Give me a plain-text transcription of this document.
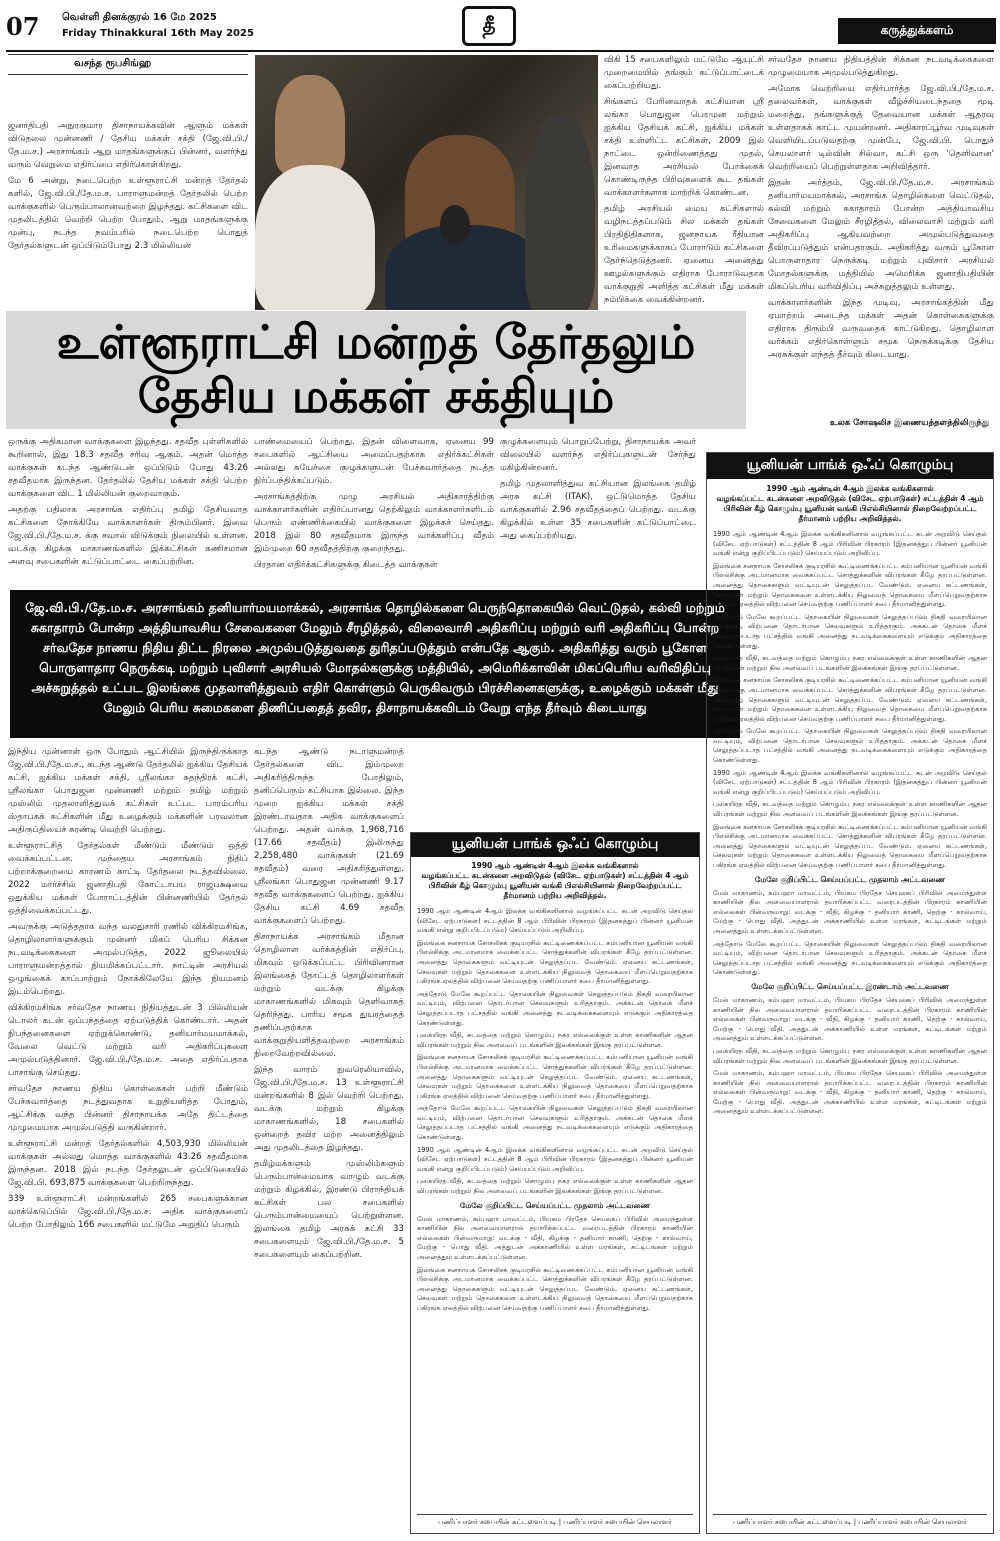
07 வெள்ளி தினக்குரல் 16 மே 2025
Friday Thinakkural 16th May 2025	தீ	கருத்துக்களம்
வசந்த ரூபசிங்ஹ

ஜனாதிபதி அநுரகுமார திசாநாயக்கவின் ஆளும் மக்கள் விடுதலை முன்னணி / தேசிய மக்கள் சக்தி (ஜே.வி.பி./தே.ம.ச.) அரசாங்கம் ஆறு மாதங்களுக்குப் பின்னர், வளர்ந்து வரும் வெறுமை எதிர்ப்பை எதிர்கொள்கிறது.

மே 6 அன்று, நடைபெற்ற உள்ளூராட்சி மன்றத் தேர்தல் களில், ஜே.வி.பி./தே.ம.ச. பாராளுமன்றத் தேர்தலில் பெற்ற வாக்குகளில் பெரும்பாலானவற்றை இழந்தது. கட்சிகளை விட முதலிடத்தில் வெற்றி பெற்ற போதும், ஆறு மாதங்களுக்கு முன்பு, நடந்த நவம்பரில் நடைபெற்ற பொதுத் தேர்தல்களுடன் ஒப்பிடும்போது 2.3 மில்லியன்

விகி 15 சபைகளிலும் மட்டுமே ஆயுட்சி முறைமையில் தங்கும் கட்டுப்பாட்டைக் கைப்பற்றியது.

சிங்களப் பேரினவாதக் கட்சியான ஸ்ரீ லங்கா பொதுஜன பெரமுன மற்றும் ஐக்கிய தேசியக் கட்சி, ஐக்கிய மக்கள் சக்தி உள்ளிட்ட கட்சிகள், 2009 இல் நாட்டை ஒன்றிணைத்தது முதல், இனவாத அரசியல் போக்கைக் கொண்டிருந்த பிரிவுகளைக் கூட தங்கள் வாக்காளர்களாக மாற்றிக் கொண்டன.

தமிழ் அரசியல் மைய கட்சிகளால் வழிநடத்தப்படும் சில மக்கள் தங்கள் பிரதிநிதிகளாக, ஜனநாயக ரீதியான உரிமைகளுக்காகப் போராடும் கட்சிகளை தேர்ந்தெடுத்தனர். ஏனைய அனைத்து ஊழல்களுக்கும் எதிராக போராடுவதாக வாக்குறுதி அளித்த கட்சிகள் மீது மக்கள் நம்பிக்கை வைக்கின்றனர்.

சர்வதேச நாணய நிதியத்தின் சிக்கன நடவடிக்கைகளை முழுமையாக அமுல்படுத்துகிறது.

அமோக வெற்றியை எதிர்பார்த்த ஜே.வி.பி./தே.ம.ச. தலைவர்கள், வாக்குகள் வீழ்ச்சியடைந்ததை மூடி மறைத்து, தங்களுக்குத் தேவையான மக்கள் ஆதரவு உள்ளதாகக் காட்ட முயன்றனர். அதிகாரப்பூர்வ முடிவுகள் வெளியிடப்படுவதற்கு முன்பே, ஜே.வி.பி. பொதுச் செயலாளர் டில்வின் சில்வா, கட்சி ஒரு 'தெளிவான' வெற்றியைப் பெற்றுள்ளதாக அறிவித்தார்.

இதன் அர்த்தம், ஜே.வி.பி./தே.ம.ச. அரசாங்கம் தனியார்மயமாக்கல், அரசாங்க தொழில்களை வெட்டுதல், கல்வி மற்றும் சுகாதாரம் போன்ற அத்தியாவசிய சேவைகளை மேலும் சீரழித்தல், விலைவாசி மற்றும் வரி அதிகரிப்பு ஆகியவற்றை அமுல்படுத்துவதை தீவிரப்படுத்தும் என்பதாகும். அதிகரித்து வரும் பூகோள பொருளாதார நெருக்கடி மற்றும் புவிசார் அரசியல் மோதல்களுக்கு மத்தியில் அமெரிக்க ஜனாதிபதியின் மிகப்பெரிய வரிவிதிப்பு அச்சுறுத்தலும் உள்ளது.

வாக்காளர்களின் இந்த முடிவு, அரசாங்கத்தின் மீது ஏமாற்றம் அடைந்த மக்கள் அதன் கொள்கைகளுக்கு எதிராக திரும்பி வருவதைக் காட்டுகிறது. தொழிலாள வர்க்கம் எதிர்கொள்ளும் சமூக நெருக்கடிக்கு தேசிய அரசுக்குள் எந்தத் தீர்வும் கிடையாது.

உலக சோஷலிச இணையத்தளத்திலிருந்து
உள்ளூராட்சி மன்றத் தேர்தலும்
தேசிய மக்கள் சக்தியும்

ஒருக்கு அதிகமான வாக்குகளை இழந்தது. சதவீத புள்ளிகளில் கூறினால், இது 18.3 சதவீத சரிவு ஆகும். அதன் மொத்த வாக்குகள் கடந்த ஆண்டுடன் ஒப்பிடும் போது 43.26 சதவீதமாக இருந்தன. தேர்தலில் தேசிய மக்கள் சக்தி பெற்ற வாக்குகளை விட 1 மில்லியன் குறைவாகும்.

அதற்கு பதிலாக அரசாங்க எதிர்ப்பு தமிழ் தேசியவாத கட்சிகளை நோக்கியே வாக்காளர்கள் திரும்பினர். இவை ஜே.வி.பி./தே.ம.ச. க்கு சவால் விடுக்கும் நிலையில் உள்ளன. வடக்கு கிழக்கு மாகாணங்களில் இக்கட்சிகள் கணிசமான அளவு சபைகளின் கட்டுப்பாட்டை கைப்பற்றின.

பாண்மையைப் பெற்றது. இதன் விளைவாக, ஏனைய 99 சபைகளில் ஆட்சியை அமைப்பதற்காக எதிர்க்கட்சிகள் அல்லது சுயேச்சை குழுக்களுடன் பேச்சுவார்த்தை நடத்த நிர்ப்பந்திக்கப்படும்.

அரசாங்கத்திற்கு முழு அரசியல் அதிகாரத்திற்கு வாக்காளர்களின் எதிர்ப்பானது தெற்கிலும் வாக்காளர்களிடம் பெரும் எண்ணிக்கையில் வாக்குகளை இழக்கச் செய்தது. 2018 இல் 80 சதவீதமாக இருந்த வாக்களிப்பு வீதம் இம்முறை 60 சதவீதத்திற்கு குறைந்தது.

பிரதான எதிர்க்கட்சிகளுக்கு கிடைத்த வாக்குகள்

குழுக்களையும் பொறுப்பேற்று, திசாநாயக்க அவர் விலையில் வளர்ந்த எதிர்ப்புகளுடன் சேர்ந்து மகிழ்கின்றனர்.

தமிழ் முதலாளித்துவ கட்சியான இலங்கை தமிழ் அரசு கட்சி (ITAK), ஒட்டுமொத்த தேசிய வாக்குகளில் 2.96 சதவீதத்தைப் பெற்றது. வடக்கு கிழக்கில் உள்ள 35 சபைகளின் கட்டுப்பாட்டை அது கைப்பற்றியது.

ஜே.வி.பி./தே.ம.ச. அரசாங்கம் தனியார்மயமாக்கல், அரசாங்க தொழில்களை பெருந்தொகையில் வெட்டுதல், கல்வி மற்றும் சுகாதாரம் போன்ற அத்தியாவசிய சேவைகளை மேலும் சீரழித்தல், விலைவாசி அதிகரிப்பு மற்றும் வரி அதிகரிப்பு போன்ற சர்வதேச நாணய நிதிய திட்ட நிரலை அமுல்படுத்துவதை துரிதப்படுத்தும் என்பதே ஆகும். அதிகரித்து வரும் பூகோள பொருளாதார நெருக்கடி மற்றும் புவிசார் அரசியல் மோதல்களுக்கு மத்தியில், அமெரிக்காவின் மிகப்பெரிய வரிவிதிப்பு அச்சுறுத்தல் உட்பட இலங்கை முதலாளித்துவம் எதிர் கொள்ளும் பெருகிவரும் பிரச்சினைகளுக்கு, உழைக்கும் மக்கள் மீது மேலும் பெரிய சுமைகளை திணிப்பதைத் தவிர, திசாநாயக்கவிடம் வேறு எந்த தீர்வும் கிடையாது

இந்திய முன்னாள் ஒரு போதும் ஆட்சியில் இருந்திருக்காத ஜே.வி.பி./தே.ம.ச., கடந்த ஆண்டு தேர்தலில் ஐக்கிய தேசியக் கட்சி, ஐக்கிய மக்கள் சக்தி, ஸ்ரீலங்கா சுதந்திரக் கட்சி, ஸ்ரீலங்கா பொதுஜன முன்னணி மற்றும் தமிழ் மற்றும் முஸ்லிம் முதலாளித்துவக் கட்சிகள் உட்பட பாரம்பரிய ஸ்தாபகக் கட்சிகளின் மீது உழைக்கும் மக்களின் பரவலான அதிருப்தியைச் சுரண்டி வெற்றி பெற்றது.

உள்ளூராட்சித் தேர்தல்கள் மீண்டும் மீண்டும் ஒத்தி வைக்கப்பட்டன. முந்தைய அரசாங்கம் நிதிப் பற்றாக்குறையை காரணம் காட்டி தேர்தலை நடத்தவில்லை. 2022 மார்ச்சில் ஜனாதிபதி கோட்டாபய ராஜபக்ஷவை ஒதுக்கிய மக்கள் போராட்டத்தின் பின்னணியில் தேர்தல் ஒத்திவைக்கப்பட்டது.

அவருக்கு அடுத்ததாக வந்த வலதுசாரி ரணில் விக்கிரமசிங்க, தொழிலாளர்களுக்கும் முன்னர் மிகப் பெரிய சிக்கன நடவடிக்கைகளை அமுல்படுத்த, 2022 ஜூலையில் பாராளுமன்றத்தால் நியமிக்கப்பட்டார். நாட்டின் அரசியல் ஒழுங்கைக் காப்பாற்றும் நோக்கிலேயே இந்த நியமனம் இடம்பெற்றது.

விக்கிரமசிங்க சர்வதேச நாணய நிதியத்துடன் 3 பில்லியன் டொலர் கடன் ஒப்பந்தத்தை ஏற்படுத்திக் கொண்டார். அதன் நிபந்தனைகளை ஏற்றுக்கொண்டு, தனியார்மயமாக்கல், வேலை வெட்டு மற்றும் வரி அதிகரிப்புகளை அமுல்படுத்தினார். ஜே.வி.பி./தே.ம.ச. அதை எதிர்ப்பதாக பாசாங்கு செய்தது.

சர்வதேச நாணய நிதிய கொள்கைகள் பற்றி மீண்டும் பேச்சுவார்த்தை நடத்துவதாக உறுதியளித்த போதும், ஆட்சிக்கு வந்த பின்னர் திசாநாயக்க அதே திட்டத்தை முழுமையாக அமுல்படுத்தி வருகின்றார்.

உள்ளூராட்சி மன்றத் தேர்தல்களில் 4,503,930 மில்லியன் வாக்குகள் அல்லது மொத்த வாக்குகளில் 43.26 சதவீதமாக இருந்தன. 2018 இல் நடந்த தேர்தலுடன் ஒப்பிடுகையில் ஜே.வி.பி. 693,875 வாக்குகளை பெற்றிருந்தது.

339 உள்ளூராட்சி மன்றங்களில் 265 சபைகளுக்கான வாக்கெடுப்பில் ஜே.வி.பி./தே.ம.ச. அதிக வாக்குகளைப் பெற்ற போதிலும் 166 சபைகளில் மட்டுமே அறுதிப் பெரும்

கடந்த ஆண்டு நடாளுமன்றத் தேர்தல்களை விட இம்முறை அதிகரித்திருந்த போதிலும், தனிப்பெரும் கட்சியாக இல்லை. இந்த முறை ஐக்கிய மக்கள் சக்தி இரண்டாவதாக அதிக வாக்குகளைப் பெற்றது. அதன் வாக்கு 1,968,716 (17.66 சதவீதம்) இலிருந்து 2,258,480 வாக்குகள் (21.69 சதவீதம்) வரை அதிகரித்துள்ளது. ஸ்ரீலங்கா பொதுஜன முன்னணி 9.17 சதவீத வாக்குகளைப் பெற்றது. ஐக்கிய தேசிய கட்சி 4.69 சதவீத வாக்குகளைப் பெற்றது.

திசாநாயக்க அரசாங்கம் மீதான தொழிலாள வர்க்கத்தின் எதிர்ப்பு, மிகவும் ஒடுக்கப்பட்ட பிரிவினரான இலங்கைத் தோட்டத் தொழிலாளர்கள் மற்றும் வடக்கு கிழக்கு மாகாணங்களில் மிகவும் தெளிவாகத் தெரிந்தது. பாரிய சமூக துயரத்தைத் தணிப்பதற்காக வாக்குறுதியளித்தவற்றை அரசாங்கம் நிறைவேற்றவில்லை.

இந்த வாரம் நுவரெலியாவில், ஜே.வி.பி./தே.ம.ச. 13 உள்ளூராட்சி மன்றங்களில் 8 இல் வெற்றி பெற்றது. வடக்கு மற்றும் கிழக்கு மாகாணங்களில், 18 சபைகளில் ஒன்றைத் தவிர மற்ற அனைத்திலும் அது முதலிடத்தை இழந்தது.

தமிழ்மக்களும் முஸ்லிம்களும் பெரும்பான்மையாக வாழும் வடக்கு மற்றும் கிழக்கில், இரண்டு பிராந்தியக் கட்சிகள் பல சபைகளில் பெரும்பான்மையைப் பெற்றுள்ளன. இலங்கை தமிழ் அரசுக் கட்சி 33 சபைகளையும் ஜே.வி.பி./தே.ம.ச. 5 சபைகளையும் கைப்பற்றின.

யூனியன் பாங்க் ஒஃப் கொழும்பு
1990 ஆம் ஆண்டின் 4ஆம் இலக்க வங்கிகளால்
வழங்கப்பட்ட கடன்களை அறவிடுதல் (விசேட ஏற்பாடுகள்) சட்டத்தின் 4 ஆம் பிரிவின் கீழ் கொழும்பு யூனியன் வங்கி பிஎல்சியினால் நிறைவேற்றப்பட்ட தீர்மானம் பற்றிய அறிவித்தல்.

1990 ஆம் ஆண்டின் 4ஆம் இலக்க வங்கிகளினால் வழங்கப்பட்ட கடன் அறவிடு செய்தல் (விசேட ஏற்பாடுகள்) சட்டத்தின் 8 ஆம் பிரிவின் பிரகாரம் (இதனகத்துப் பின்னர் யூனியன் வங்கி என்று குறிப்பிடப்படும்) செய்யப்படும் அறிவிப்பு.

இலங்கை சனநாயக சோசலிசக் குடியரசில் கூட்டிணைக்கப்பட்ட கம்பனியான யூனியன் வங்கி பிஎல்சிக்கு அடமானமாக வைக்கப்பட்ட சொத்துக்களின் விபரங்கள் கீழே தரப்பட்டுள்ளன. அனைத்து தொகைகளும் வட்டியுடன் செலுத்தப்பட வேண்டும். ஏனைய கட்டணங்கள், செலவுகள் மற்றும் தொகைகளை உள்ளடக்கிய நிலுவைத் தொகையை மீளப்பெறுவதற்காக பகிரங்க ஏலத்தில் விற்பனை செய்வதற்கு பணிப்பாளர் சபை தீர்மானித்துள்ளது.

அத்தோடு மேலே கூறப்பட்ட தொகையின் நிலுவைகள் செலுத்தப்படும் திகதி வரையிலான வட்டியும், விற்பனை தொடர்பான செலவுகளும் உரித்தாகும். அக்கடன் தொகை மீளச் செலுத்தப்படாத பட்சத்தில் வங்கி அனைத்து நடவடிக்கைகளையும் எடுக்கும் அதிகாரத்தை கொண்டுள்ளது.

புகையிரத வீதி, கடவத்தை மற்றும் கொழும்பு நகர எல்லைக்குள் உள்ள காணிகளின் ஆதன விபரங்கள் மற்றும் நில அளவைப் படங்களின் இலக்கங்கள் இங்கு தரப்பட்டுள்ளன.

இலங்கை சனநாயக சோசலிசக் குடியரசில் கூட்டிணைக்கப்பட்ட கம்பனியான யூனியன் வங்கி பிஎல்சிக்கு அடமானமாக வைக்கப்பட்ட சொத்துக்களின் விபரங்கள் கீழே தரப்பட்டுள்ளன. அனைத்து தொகைகளும் வட்டியுடன் செலுத்தப்பட வேண்டும். ஏனைய கட்டணங்கள், செலவுகள் மற்றும் தொகைகளை உள்ளடக்கிய நிலுவைத் தொகையை மீளப்பெறுவதற்காக பகிரங்க ஏலத்தில் விற்பனை செய்வதற்கு பணிப்பாளர் சபை தீர்மானித்துள்ளது.

அத்தோடு மேலே கூறப்பட்ட தொகையின் நிலுவைகள் செலுத்தப்படும் திகதி வரையிலான வட்டியும், விற்பனை தொடர்பான செலவுகளும் உரித்தாகும். அக்கடன் தொகை மீளச் செலுத்தப்படாத பட்சத்தில் வங்கி அனைத்து நடவடிக்கைகளையும் எடுக்கும் அதிகாரத்தை கொண்டுள்ளது.

1990 ஆம் ஆண்டின் 4ஆம் இலக்க வங்கிகளினால் வழங்கப்பட்ட கடன் அறவிடு செய்தல் (விசேட ஏற்பாடுகள்) சட்டத்தின் 8 ஆம் பிரிவின் பிரகாரம் (இதனகத்துப் பின்னர் யூனியன் வங்கி என்று குறிப்பிடப்படும்) செய்யப்படும் அறிவிப்பு.

புகையிரத வீதி, கடவத்தை மற்றும் கொழும்பு நகர எல்லைக்குள் உள்ள காணிகளின் ஆதன விபரங்கள் மற்றும் நில அளவைப் படங்களின் இலக்கங்கள் இங்கு தரப்பட்டுள்ளன.

மேலே குறிப்பிட்ட செய்யப்பட்ட முதலாம் அட்டவணை

மேல் மாகாணம், கம்பஹா மாவட்டம், பியகம பிரதேச செயலகப் பிரிவில் அமைந்துள்ள காணியின் நில அளவையாளரால் தயாரிக்கப்பட்ட வரைபடத்தின் பிரகாரம் காணியின் எல்லைகள் பின்வருமாறு: வடக்கு - வீதி, கிழக்கு - தனியார் காணி, தெற்கு - கால்வாய், மேற்கு - பொது வீதி. அத்துடன் அக்காணியில் உள்ள மரங்கள், கட்டிடங்கள் மற்றும் அனைத்தும் உள்ளடக்கப்பட்டுள்ளன.

இலங்கை சனநாயக சோசலிசக் குடியரசில் கூட்டிணைக்கப்பட்ட கம்பனியான யூனியன் வங்கி பிஎல்சிக்கு அடமானமாக வைக்கப்பட்ட சொத்துக்களின் விபரங்கள் கீழே தரப்பட்டுள்ளன. அனைத்து தொகைகளும் வட்டியுடன் செலுத்தப்பட வேண்டும். ஏனைய கட்டணங்கள், செலவுகள் மற்றும் தொகைகளை உள்ளடக்கிய நிலுவைத் தொகையை மீளப்பெறுவதற்காக பகிரங்க ஏலத்தில் விற்பனை செய்வதற்கு பணிப்பாளர் சபை தீர்மானித்துள்ளது.

பணிப்பாளர் சபையின் கட்டளைப்படி | பணிப்பாளர் சபையின் செயலாளர்
யூனியன் பாங்க் ஒஃப் கொழும்பு
1990 ஆம் ஆண்டின் 4ஆம் இலக்க வங்கிகளால்
வழங்கப்பட்ட கடன்களை அறவிடுதல் (விசேட ஏற்பாடுகள்) சட்டத்தின் 4 ஆம் பிரிவின் கீழ் கொழும்பு யூனியன் வங்கி பிஎல்சியினால் நிறைவேற்றப்பட்ட தீர்மானம் பற்றிய அறிவித்தல்.

1990 ஆம் ஆண்டின் 4ஆம் இலக்க வங்கிகளினால் வழங்கப்பட்ட கடன் அறவிடு செய்தல் (விசேட ஏற்பாடுகள்) சட்டத்தின் 8 ஆம் பிரிவின் பிரகாரம் (இதனகத்துப் பின்னர் யூனியன் வங்கி என்று குறிப்பிடப்படும்) செய்யப்படும் அறிவிப்பு.

இலங்கை சனநாயக சோசலிசக் குடியரசில் கூட்டிணைக்கப்பட்ட கம்பனியான யூனியன் வங்கி பிஎல்சிக்கு அடமானமாக வைக்கப்பட்ட சொத்துக்களின் விபரங்கள் கீழே தரப்பட்டுள்ளன. அனைத்து தொகைகளும் வட்டியுடன் செலுத்தப்பட வேண்டும். ஏனைய கட்டணங்கள், செலவுகள் மற்றும் தொகைகளை உள்ளடக்கிய நிலுவைத் தொகையை மீளப்பெறுவதற்காக பகிரங்க ஏலத்தில் விற்பனை செய்வதற்கு பணிப்பாளர் சபை தீர்மானித்துள்ளது.

அத்தோடு மேலே கூறப்பட்ட தொகையின் நிலுவைகள் செலுத்தப்படும் திகதி வரையிலான வட்டியும், விற்பனை தொடர்பான செலவுகளும் உரித்தாகும். அக்கடன் தொகை மீளச் செலுத்தப்படாத பட்சத்தில் வங்கி அனைத்து நடவடிக்கைகளையும் எடுக்கும் அதிகாரத்தை கொண்டுள்ளது.

புகையிரத வீதி, கடவத்தை மற்றும் கொழும்பு நகர எல்லைக்குள் உள்ள காணிகளின் ஆதன விபரங்கள் மற்றும் நில அளவைப் படங்களின் இலக்கங்கள் இங்கு தரப்பட்டுள்ளன.

இலங்கை சனநாயக சோசலிசக் குடியரசில் கூட்டிணைக்கப்பட்ட கம்பனியான யூனியன் வங்கி பிஎல்சிக்கு அடமானமாக வைக்கப்பட்ட சொத்துக்களின் விபரங்கள் கீழே தரப்பட்டுள்ளன. அனைத்து தொகைகளும் வட்டியுடன் செலுத்தப்பட வேண்டும். ஏனைய கட்டணங்கள், செலவுகள் மற்றும் தொகைகளை உள்ளடக்கிய நிலுவைத் தொகையை மீளப்பெறுவதற்காக பகிரங்க ஏலத்தில் விற்பனை செய்வதற்கு பணிப்பாளர் சபை தீர்மானித்துள்ளது.

அத்தோடு மேலே கூறப்பட்ட தொகையின் நிலுவைகள் செலுத்தப்படும் திகதி வரையிலான வட்டியும், விற்பனை தொடர்பான செலவுகளும் உரித்தாகும். அக்கடன் தொகை மீளச் செலுத்தப்படாத பட்சத்தில் வங்கி அனைத்து நடவடிக்கைகளையும் எடுக்கும் அதிகாரத்தை கொண்டுள்ளது.

1990 ஆம் ஆண்டின் 4ஆம் இலக்க வங்கிகளினால் வழங்கப்பட்ட கடன் அறவிடு செய்தல் (விசேட ஏற்பாடுகள்) சட்டத்தின் 8 ஆம் பிரிவின் பிரகாரம் (இதனகத்துப் பின்னர் யூனியன் வங்கி என்று குறிப்பிடப்படும்) செய்யப்படும் அறிவிப்பு.

புகையிரத வீதி, கடவத்தை மற்றும் கொழும்பு நகர எல்லைக்குள் உள்ள காணிகளின் ஆதன விபரங்கள் மற்றும் நில அளவைப் படங்களின் இலக்கங்கள் இங்கு தரப்பட்டுள்ளன.

இலங்கை சனநாயக சோசலிசக் குடியரசில் கூட்டிணைக்கப்பட்ட கம்பனியான யூனியன் வங்கி பிஎல்சிக்கு அடமானமாக வைக்கப்பட்ட சொத்துக்களின் விபரங்கள் கீழே தரப்பட்டுள்ளன. அனைத்து தொகைகளும் வட்டியுடன் செலுத்தப்பட வேண்டும். ஏனைய கட்டணங்கள், செலவுகள் மற்றும் தொகைகளை உள்ளடக்கிய நிலுவைத் தொகையை மீளப்பெறுவதற்காக பகிரங்க ஏலத்தில் விற்பனை செய்வதற்கு பணிப்பாளர் சபை தீர்மானித்துள்ளது.

மேலே குறிப்பிட்ட செய்யப்பட்ட முதலாம் அட்டவணை

மேல் மாகாணம், கம்பஹா மாவட்டம், பியகம பிரதேச செயலகப் பிரிவில் அமைந்துள்ள காணியின் நில அளவையாளரால் தயாரிக்கப்பட்ட வரைபடத்தின் பிரகாரம் காணியின் எல்லைகள் பின்வருமாறு: வடக்கு - வீதி, கிழக்கு - தனியார் காணி, தெற்கு - கால்வாய், மேற்கு - பொது வீதி. அத்துடன் அக்காணியில் உள்ள மரங்கள், கட்டிடங்கள் மற்றும் அனைத்தும் உள்ளடக்கப்பட்டுள்ளன.

அத்தோடு மேலே கூறப்பட்ட தொகையின் நிலுவைகள் செலுத்தப்படும் திகதி வரையிலான வட்டியும், விற்பனை தொடர்பான செலவுகளும் உரித்தாகும். அக்கடன் தொகை மீளச் செலுத்தப்படாத பட்சத்தில் வங்கி அனைத்து நடவடிக்கைகளையும் எடுக்கும் அதிகாரத்தை கொண்டுள்ளது.

மேலே குறிப்பிட்ட செய்யப்பட்ட இரண்டாம் அட்டவணை

மேல் மாகாணம், கம்பஹா மாவட்டம், பியகம பிரதேச செயலகப் பிரிவில் அமைந்துள்ள காணியின் நில அளவையாளரால் தயாரிக்கப்பட்ட வரைபடத்தின் பிரகாரம் காணியின் எல்லைகள் பின்வருமாறு: வடக்கு - வீதி, கிழக்கு - தனியார் காணி, தெற்கு - கால்வாய், மேற்கு - பொது வீதி. அத்துடன் அக்காணியில் உள்ள மரங்கள், கட்டிடங்கள் மற்றும் அனைத்தும் உள்ளடக்கப்பட்டுள்ளன.

புகையிரத வீதி, கடவத்தை மற்றும் கொழும்பு நகர எல்லைக்குள் உள்ள காணிகளின் ஆதன விபரங்கள் மற்றும் நில அளவைப் படங்களின் இலக்கங்கள் இங்கு தரப்பட்டுள்ளன.

மேல் மாகாணம், கம்பஹா மாவட்டம், பியகம பிரதேச செயலகப் பிரிவில் அமைந்துள்ள காணியின் நில அளவையாளரால் தயாரிக்கப்பட்ட வரைபடத்தின் பிரகாரம் காணியின் எல்லைகள் பின்வருமாறு: வடக்கு - வீதி, கிழக்கு - தனியார் காணி, தெற்கு - கால்வாய், மேற்கு - பொது வீதி. அத்துடன் அக்காணியில் உள்ள மரங்கள், கட்டிடங்கள் மற்றும் அனைத்தும் உள்ளடக்கப்பட்டுள்ளன.

பணிப்பாளர் சபையின் கட்டளைப்படி | பணிப்பாளர் சபையின் செயலாளர்
